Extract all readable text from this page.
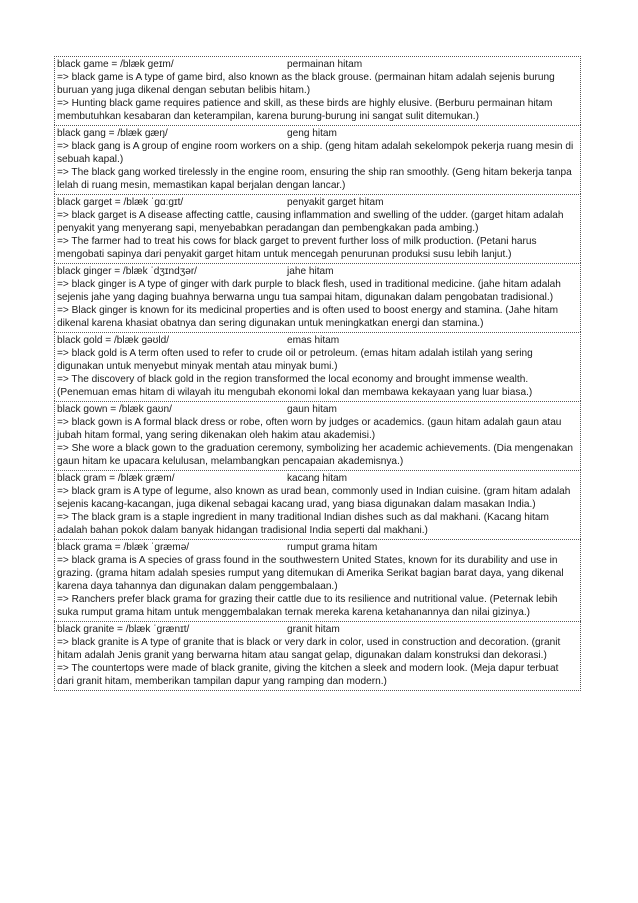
black game = /blæk geɪm/	permainan hitam

=> black game is A type of game bird, also known as the black grouse. (permainan hitam adalah sejenis burung buruan yang juga dikenal dengan sebutan belibis hitam.)

=> Hunting black game requires patience and skill, as these birds are highly elusive. (Berburu permainan hitam membutuhkan kesabaran dan keterampilan, karena burung-burung ini sangat sulit ditemukan.)

black gang = /blæk gæŋ/	geng hitam

=> black gang is A group of engine room workers on a ship. (geng hitam adalah sekelompok pekerja ruang mesin di sebuah kapal.)

=> The black gang worked tirelessly in the engine room, ensuring the ship ran smoothly. (Geng hitam bekerja tanpa lelah di ruang mesin, memastikan kapal berjalan dengan lancar.)

black garget = /blæk ˈgɑːgɪt/	penyakit garget hitam

=> black garget is A disease affecting cattle, causing inflammation and swelling of the udder. (garget hitam adalah penyakit yang menyerang sapi, menyebabkan peradangan dan pembengkakan pada ambing.)

=> The farmer had to treat his cows for black garget to prevent further loss of milk production. (Petani harus mengobati sapinya dari penyakit garget hitam untuk mencegah penurunan produksi susu lebih lanjut.)

black ginger = /blæk ˈdʒɪndʒər/	jahe hitam

=> black ginger is A type of ginger with dark purple to black flesh, used in traditional medicine. (jahe hitam adalah sejenis jahe yang daging buahnya berwarna ungu tua sampai hitam, digunakan dalam pengobatan tradisional.)

=> Black ginger is known for its medicinal properties and is often used to boost energy and stamina. (Jahe hitam dikenal karena khasiat obatnya dan sering digunakan untuk meningkatkan energi dan stamina.)

black gold = /blæk gəʊld/	emas hitam

=> black gold is A term often used to refer to crude oil or petroleum. (emas hitam adalah istilah yang sering digunakan untuk menyebut minyak mentah atau minyak bumi.)

=> The discovery of black gold in the region transformed the local economy and brought immense wealth. (Penemuan emas hitam di wilayah itu mengubah ekonomi lokal dan membawa kekayaan yang luar biasa.)

black gown = /blæk gaʊn/	gaun hitam

=> black gown is A formal black dress or robe, often worn by judges or academics. (gaun hitam adalah gaun atau jubah hitam formal, yang sering dikenakan oleh hakim atau akademisi.)

=> She wore a black gown to the graduation ceremony, symbolizing her academic achievements. (Dia mengenakan gaun hitam ke upacara kelulusan, melambangkan pencapaian akademisnya.)

black gram = /blæk græm/	kacang hitam

=> black gram is A type of legume, also known as urad bean, commonly used in Indian cuisine. (gram hitam adalah sejenis kacang-kacangan, juga dikenal sebagai kacang urad, yang biasa digunakan dalam masakan India.)

=> The black gram is a staple ingredient in many traditional Indian dishes such as dal makhani. (Kacang hitam adalah bahan pokok dalam banyak hidangan tradisional India seperti dal makhani.)

black grama = /blæk ˈgræmə/	rumput grama hitam

=> black grama is A species of grass found in the southwestern United States, known for its durability and use in grazing. (grama hitam adalah spesies rumput yang ditemukan di Amerika Serikat bagian barat daya, yang dikenal karena daya tahannya dan digunakan dalam penggembalaan.)

=> Ranchers prefer black grama for grazing their cattle due to its resilience and nutritional value. (Peternak lebih suka rumput grama hitam untuk menggembalakan ternak mereka karena ketahanannya dan nilai gizinya.)

black granite = /blæk ˈgrænɪt/	granit hitam

=> black granite is A type of granite that is black or very dark in color, used in construction and decoration. (granit hitam adalah Jenis granit yang berwarna hitam atau sangat gelap, digunakan dalam konstruksi dan dekorasi.)

=> The countertops were made of black granite, giving the kitchen a sleek and modern look. (Meja dapur terbuat dari granit hitam, memberikan tampilan dapur yang ramping dan modern.)
